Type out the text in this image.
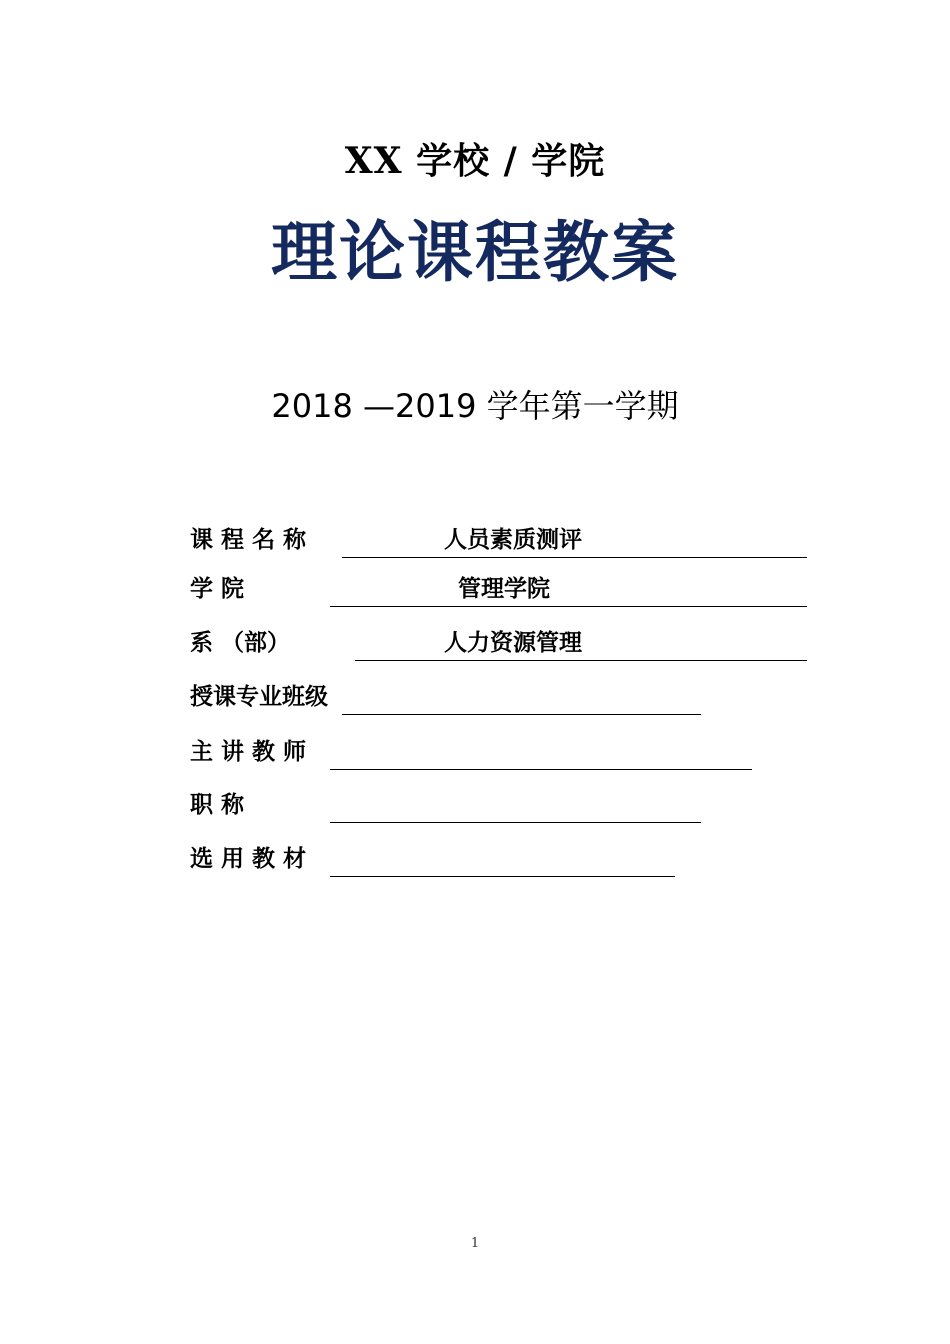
XX 学校 / 学院
理论课程教案
2018 —2019 学年第一学期
课 程 名 称	人员素质测评
学 院	管理学院
系 （部）	人力资源管理
授课专业班级
主 讲 教 师
职 称
选 用 教 材
1
